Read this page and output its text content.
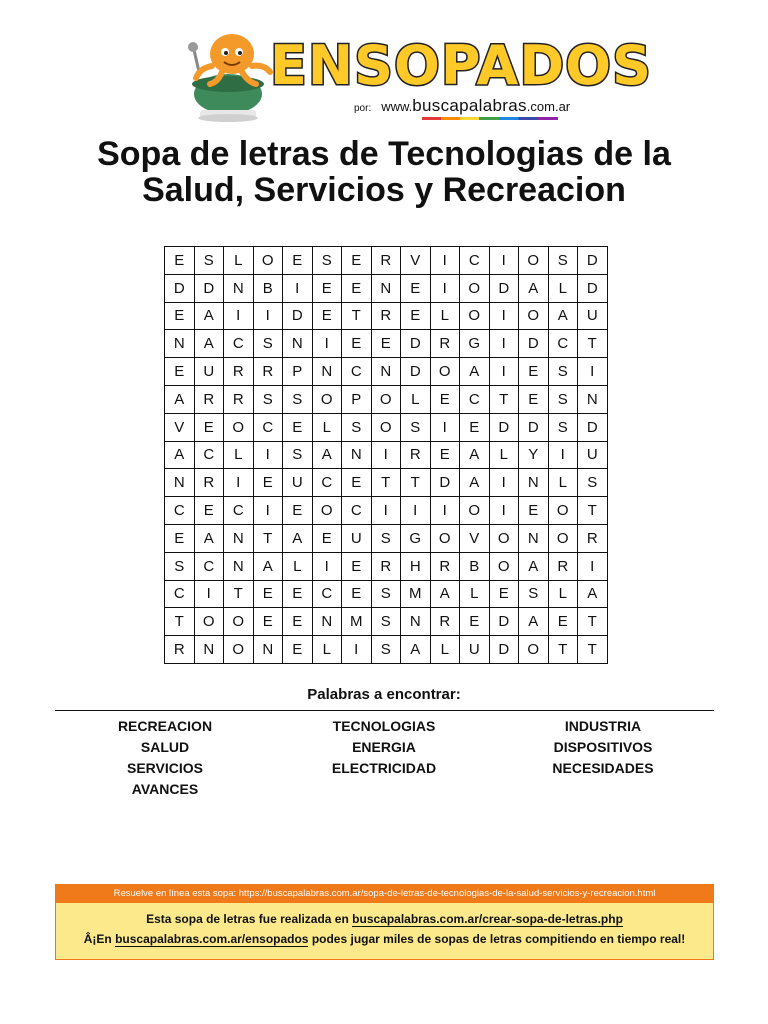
ENSOPADOS
por: www.buscapalabras.com.ar
Sopa de letras de Tecnologias de la
Salud, Servicios y Recreacion
E	S	L	O	E	S	E	R	V	I	C	I	O	S	D
D	D	N	B	I	E	E	N	E	I	O	D	A	L	D
E	A	I	I	D	E	T	R	E	L	O	I	O	A	U
N	A	C	S	N	I	E	E	D	R	G	I	D	C	T
E	U	R	R	P	N	C	N	D	O	A	I	E	S	I
A	R	R	S	S	O	P	O	L	E	C	T	E	S	N
V	E	O	C	E	L	S	O	S	I	E	D	D	S	D
A	C	L	I	S	A	N	I	R	E	A	L	Y	I	U
N	R	I	E	U	C	E	T	T	D	A	I	N	L	S
C	E	C	I	E	O	C	I	I	I	O	I	E	O	T
E	A	N	T	A	E	U	S	G	O	V	O	N	O	R
S	C	N	A	L	I	E	R	H	R	B	O	A	R	I
C	I	T	E	E	C	E	S	M	A	L	E	S	L	A
T	O	O	E	E	N	M	S	N	R	E	D	A	E	T
R	N	O	N	E	L	I	S	A	L	U	D	O	T	T
Palabras a encontrar:
RECREACION
SALUD
SERVICIOS
AVANCES
TECNOLOGIAS
ENERGIA
ELECTRICIDAD
INDUSTRIA
DISPOSITIVOS
NECESIDADES
Resuelve en línea esta sopa: https://buscapalabras.com.ar/sopa-de-letras-de-tecnologias-de-la-salud-servicios-y-recreacion.html
Esta sopa de letras fue realizada en buscapalabras.com.ar/crear-sopa-de-letras.php
Â¡En buscapalabras.com.ar/ensopados podes jugar miles de sopas de letras compitiendo en tiempo real!
